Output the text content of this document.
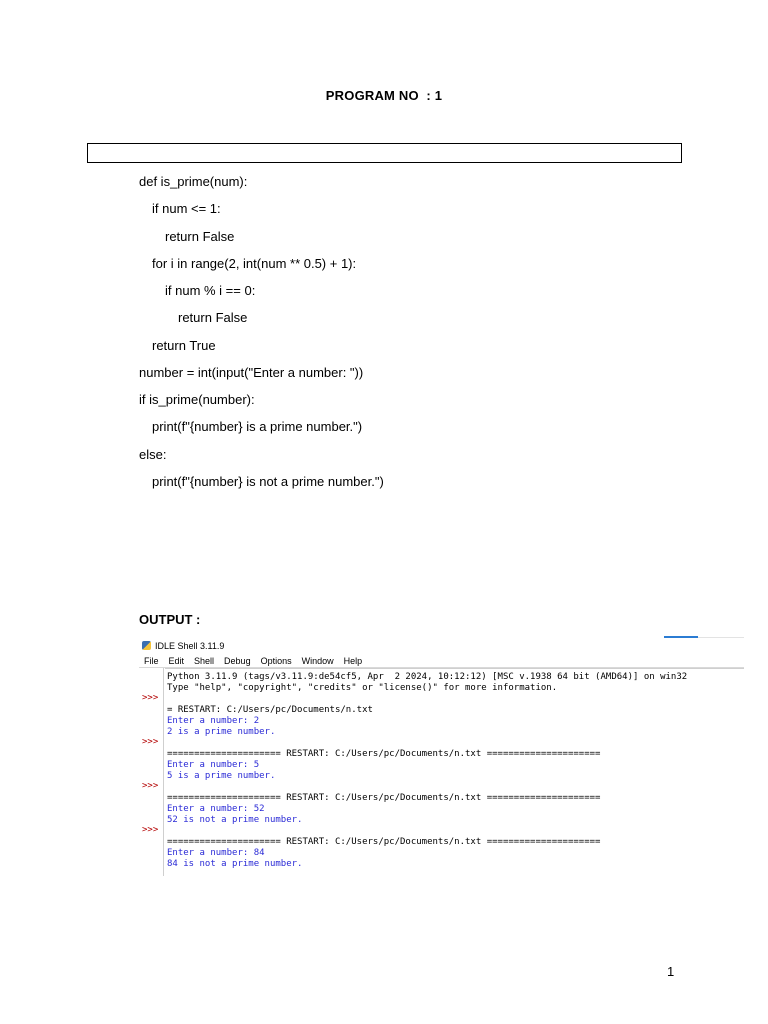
PROGRAM NO  : 1
def is_prime(num):
if num <= 1:
return False
for i in range(2, int(num ** 0.5) + 1):
if num % i == 0:
return False
return True
number = int(input("Enter a number: "))
if is_prime(number):
print(f"{number} is a prime number.")
else:
print(f"{number} is not a prime number.")
OUTPUT :
IDLE Shell 3.11.9
File Edit Shell Debug Options Window Help
>>>
>>>
>>>
>>>
Python 3.11.9 (tags/v3.11.9:de54cf5, Apr  2 2024, 10:12:12) [MSC v.1938 64 bit (AMD64)] on win32
Type "help", "copyright", "credits" or "license()" for more information.
= RESTART: C:/Users/pc/Documents/n.txt
Enter a number: 2
2 is a prime number.
===================== RESTART: C:/Users/pc/Documents/n.txt =====================
Enter a number: 5
5 is a prime number.
===================== RESTART: C:/Users/pc/Documents/n.txt =====================
Enter a number: 52
52 is not a prime number.
===================== RESTART: C:/Users/pc/Documents/n.txt =====================
Enter a number: 84
84 is not a prime number.
1
